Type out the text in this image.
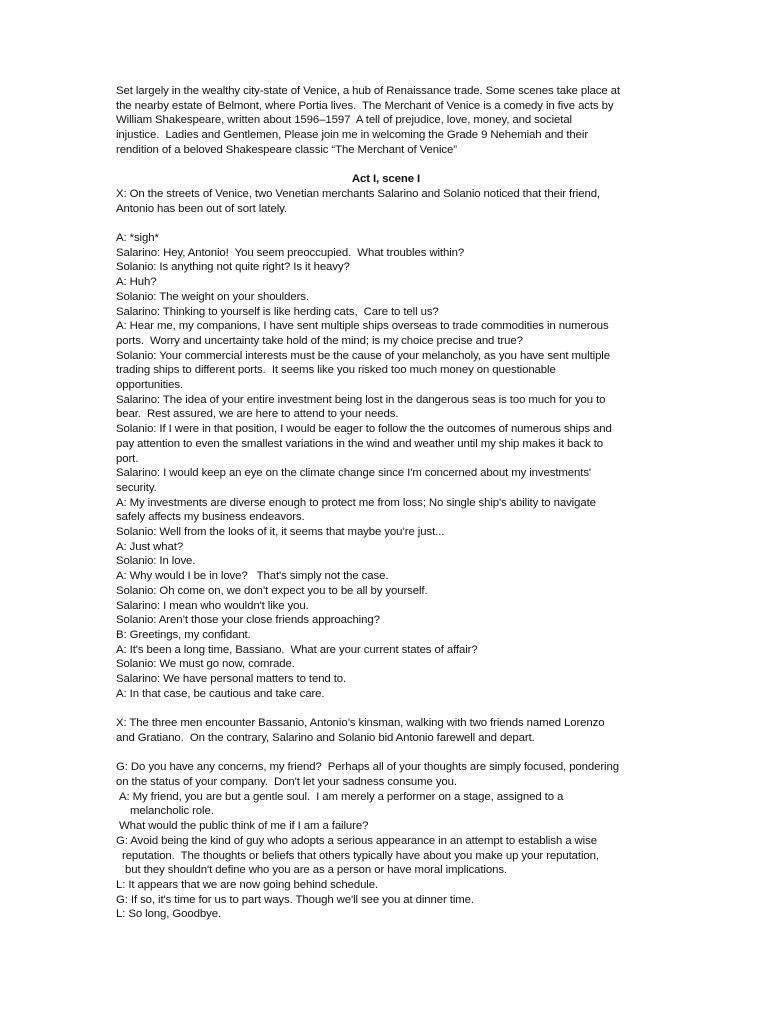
Set largely in the wealthy city-state of Venice, a hub of Renaissance trade. Some scenes take place at
the nearby estate of Belmont, where Portia lives.  The Merchant of Venice is a comedy in five acts by
William Shakespeare, written about 1596–1597  A tell of prejudice, love, money, and societal
injustice.  Ladies and Gentlemen, Please join me in welcoming the Grade 9 Nehemiah and their
rendition of a beloved Shakespeare classic “The Merchant of Venice”
Act I, scene I
X: On the streets of Venice, two Venetian merchants Salarino and Solanio noticed that their friend,
Antonio has been out of sort lately.
A: *sigh*
Salarino: Hey, Antonio!  You seem preoccupied.  What troubles within?
Solanio: Is anything not quite right? Is it heavy?
A: Huh?
Solanio: The weight on your shoulders.
Salarino: Thinking to yourself is like herding cats,  Care to tell us?
A: Hear me, my companions, I have sent multiple ships overseas to trade commodities in numerous
ports.  Worry and uncertainty take hold of the mind; is my choice precise and true?
Solanio: Your commercial interests must be the cause of your melancholy, as you have sent multiple
trading ships to different ports.  It seems like you risked too much money on questionable
opportunities.
Salarino: The idea of your entire investment being lost in the dangerous seas is too much for you to
bear.  Rest assured, we are here to attend to your needs.
Solanio: If I were in that position, I would be eager to follow the the outcomes of numerous ships and
pay attention to even the smallest variations in the wind and weather until my ship makes it back to
port.
Salarino: I would keep an eye on the climate change since I'm concerned about my investments'
security.
A: My investments are diverse enough to protect me from loss; No single ship's ability to navigate
safely affects my business endeavors.
Solanio: Well from the looks of it, it seems that maybe you’re just...
A: Just what?
Solanio: In love.
A: Why would I be in love?   That's simply not the case.
Solanio: Oh come on, we don’t expect you to be all by yourself.
Salarino: I mean who wouldn't like you.
Solanio: Aren’t those your close friends approaching?
B: Greetings, my confidant.
A: It's been a long time, Bassiano.  What are your current states of affair?
Solanio: We must go now, comrade.
Salarino: We have personal matters to tend to.
A: In that case, be cautious and take care.
X: The three men encounter Bassanio, Antonio’s kinsman, walking with two friends named Lorenzo
and Gratiano.  On the contrary, Salarino and Solanio bid Antonio farewell and depart.
G: Do you have any concerns, my friend?  Perhaps all of your thoughts are simply focused, pondering
on the status of your company.  Don't let your sadness consume you.
A: My friend, you are but a gentle soul.  I am merely a performer on a stage, assigned to a
melancholic role.
What would the public think of me if I am a failure?
G: Avoid being the kind of guy who adopts a serious appearance in an attempt to establish a wise
reputation.  The thoughts or beliefs that others typically have about you make up your reputation,
but they shouldn't define who you are as a person or have moral implications.
L: It appears that we are now going behind schedule.
G: If so, it's time for us to part ways. Though we'll see you at dinner time.
L: So long, Goodbye.
